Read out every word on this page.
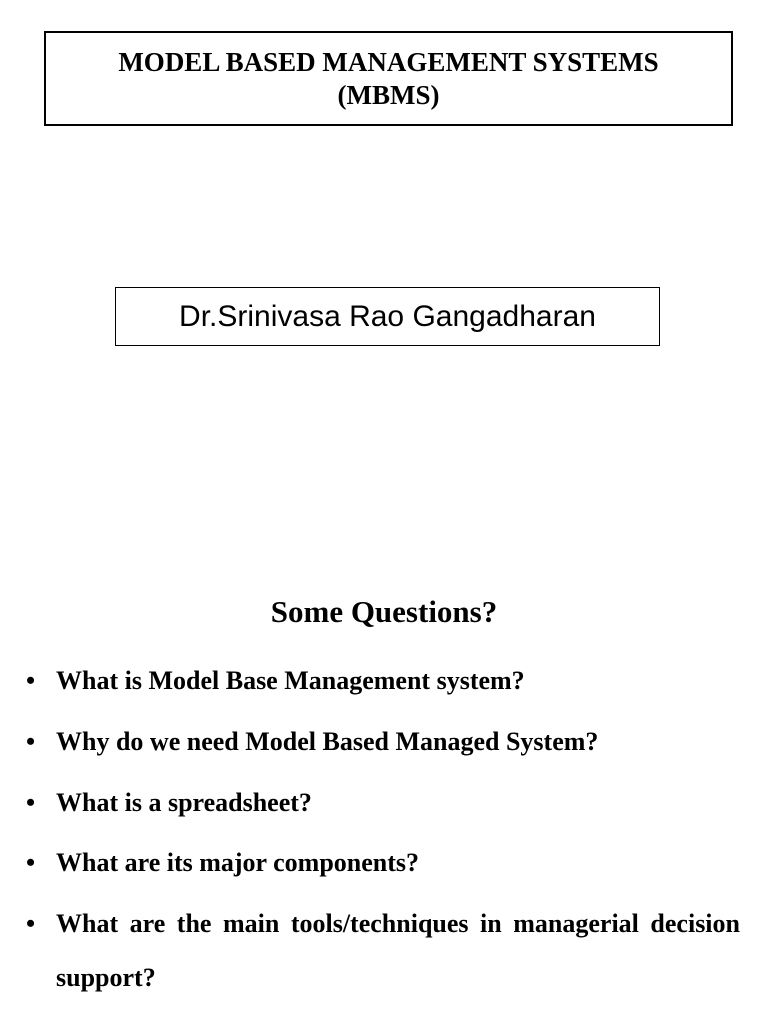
MODEL BASED MANAGEMENT SYSTEMS
(MBMS)
Dr.Srinivasa Rao Gangadharan
Some Questions?
• What is Model Base Management system?
• Why do we need Model Based Managed System?
• What is a spreadsheet?
• What are its major components?
• What are the main tools/techniques in managerial decision support?
